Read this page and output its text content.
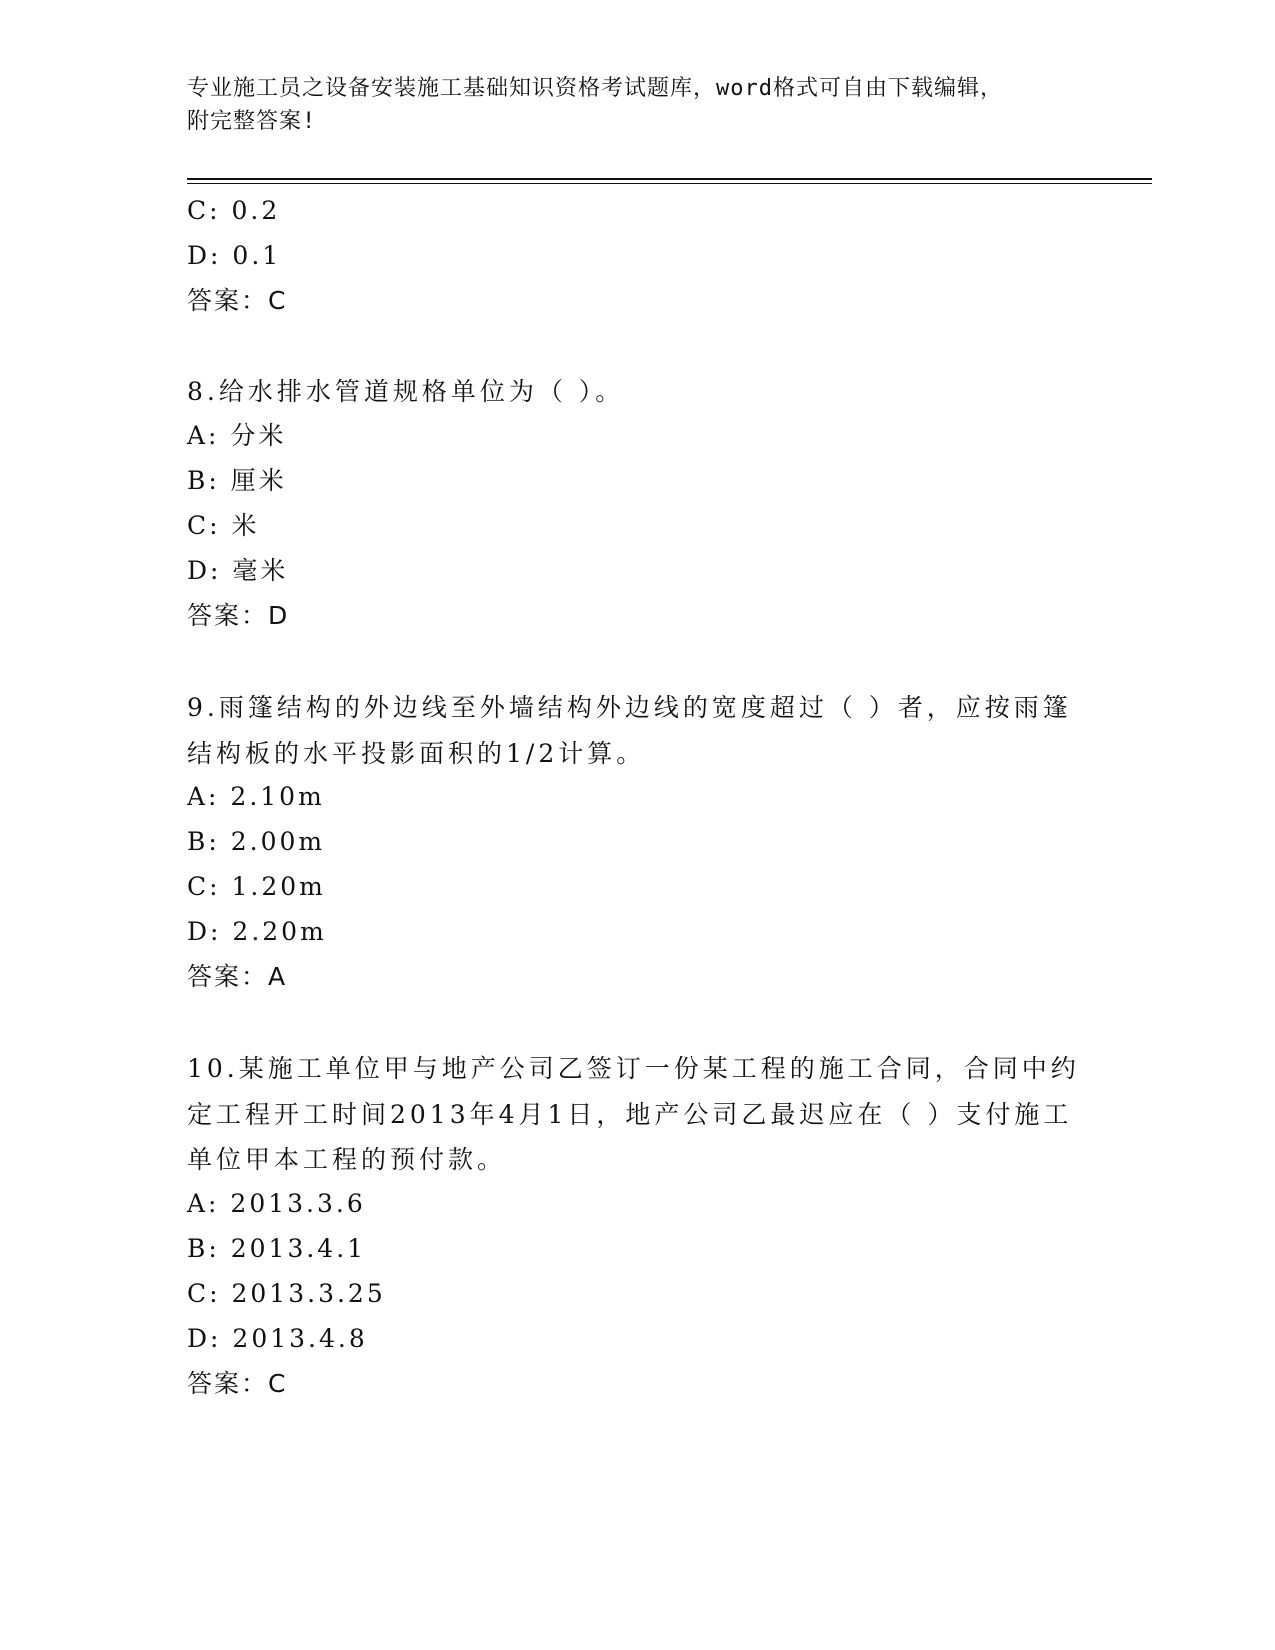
专业施工员之设备安装施工基础知识资格考试题库，word格式可自由下载编辑，
附完整答案!
C: 0.2
D: 0.1
答案：C
8.给水排水管道规格单位为（ ）。
A: 分米
B: 厘米
C: 米
D: 毫米
答案：D
9.雨篷结构的外边线至外墙结构外边线的宽度超过（ ）者，应按雨篷结构板的水平投影面积的1/2计算。
A: 2.10m
B: 2.00m
C: 1.20m
D: 2.20m
答案：A
10.某施工单位甲与地产公司乙签订一份某工程的施工合同，合同中约定工程开工时间2013年4月1日，地产公司乙最迟应在（ ）支付施工单位甲本工程的预付款。
A: 2013.3.6
B: 2013.4.1
C: 2013.3.25
D: 2013.4.8
答案：C
